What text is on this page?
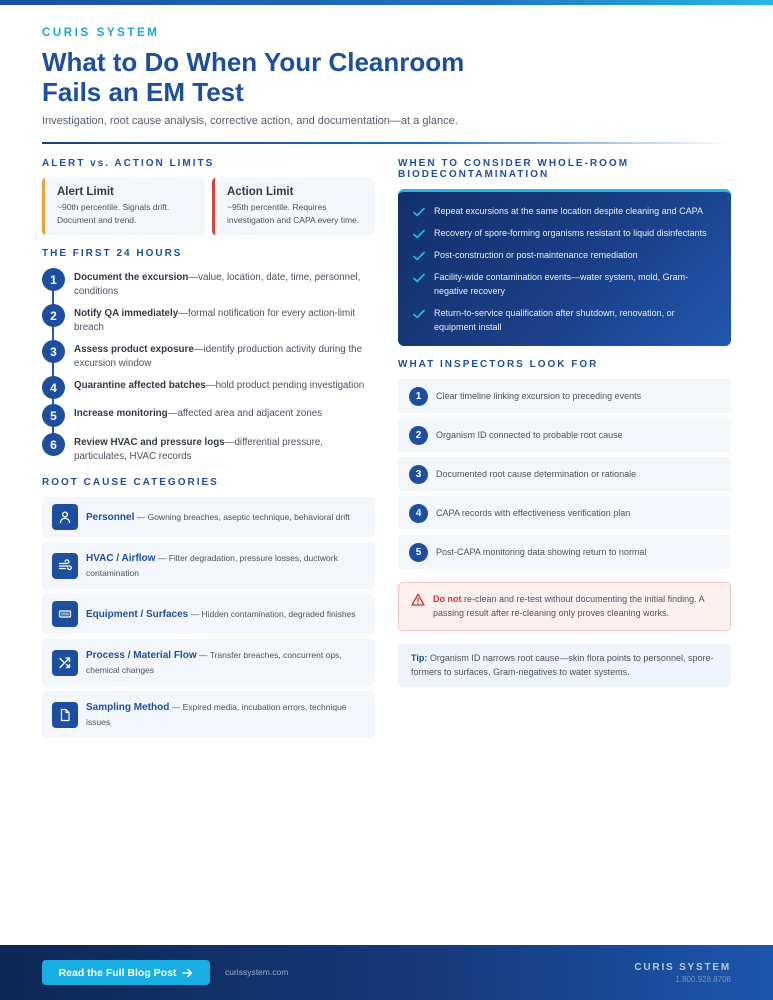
CURIS SYSTEM
What to Do When Your Cleanroom Fails an EM Test
Investigation, root cause analysis, corrective action, and documentation—at a glance.
ALERT vs. ACTION LIMITS
Alert Limit
~90th percentile. Signals drift. Document and trend.
Action Limit
~95th percentile. Requires investigation and CAPA every time.
THE FIRST 24 HOURS
1	Document the excursion—value, location, date, time, personnel, conditions
2	Notify QA immediately—formal notification for every action-limit breach
3	Assess product exposure—identify production activity during the excursion window
4	Quarantine affected batches—hold product pending investigation
5	Increase monitoring—affected area and adjacent zones
6	Review HVAC and pressure logs—differential pressure, particulates, HVAC records
ROOT CAUSE CATEGORIES
Personnel — Gowning breaches, aseptic technique, behavioral drift
HVAC / Airflow — Filter degradation, pressure losses, ductwork contamination
Equipment / Surfaces — Hidden contamination, degraded finishes
Process / Material Flow — Transfer breaches, concurrent ops, chemical changes
Sampling Method — Expired media, incubation errors, technique issues
WHEN TO CONSIDER WHOLE-ROOM BIODECONTAMINATION
Repeat excursions at the same location despite cleaning and CAPA
Recovery of spore-forming organisms resistant to liquid disinfectants
Post-construction or post-maintenance remediation
Facility-wide contamination events—water system, mold, Gram-negative recovery
Return-to-service qualification after shutdown, renovation, or equipment install
WHAT INSPECTORS LOOK FOR
1	Clear timeline linking excursion to preceding events
2	Organism ID connected to probable root cause
3	Documented root cause determination or rationale
4	CAPA records with effectiveness verification plan
5	Post-CAPA monitoring data showing return to normal
Do not re-clean and re-test without documenting the initial finding. A passing result after re-cleaning only proves cleaning works.
Tip: Organism ID narrows root cause—skin flora points to personnel, spore-formers to surfaces, Gram-negatives to water systems.
Read the Full Blog Post	curissystem.com	CURIS SYSTEM
1.800.928.8708
